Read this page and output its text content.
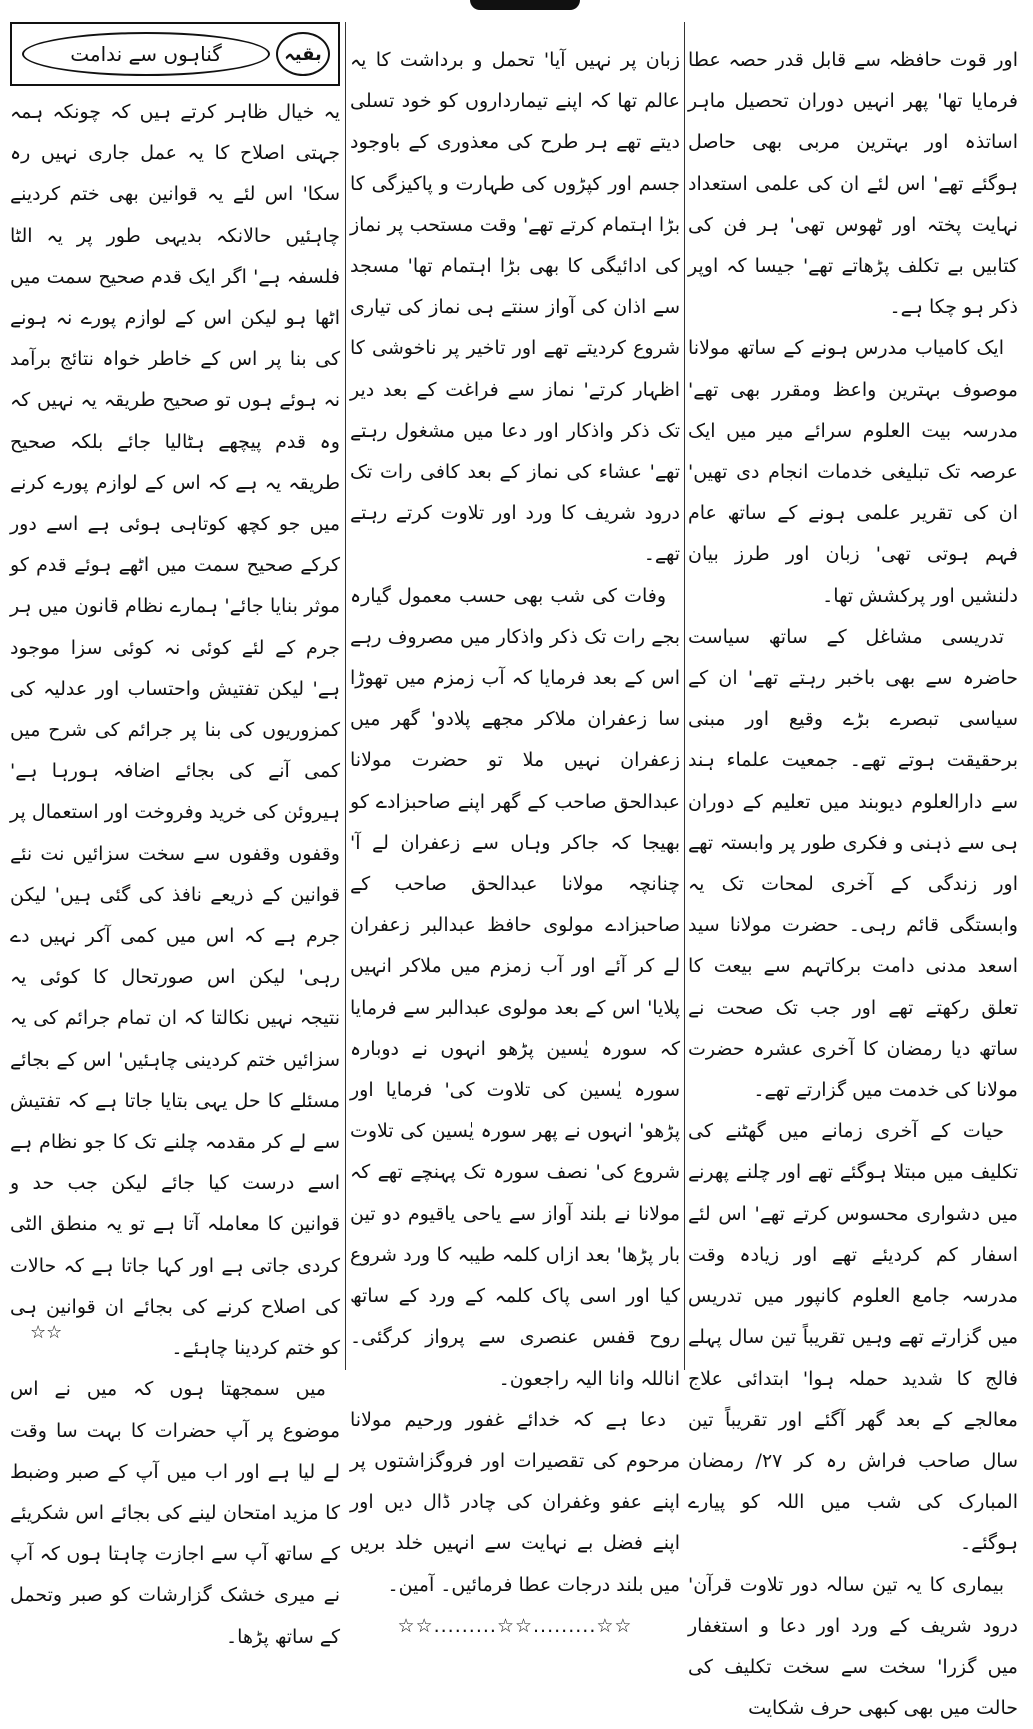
اور قوت حافظہ سے قابل قدر حصہ عطا فرمایا تھا' پھر انہیں دوران تحصیل ماہر اساتذہ اور بہترین مربی بھی حاصل ہوگئے تھے' اس لئے ان کی علمی استعداد نہایت پختہ اور ٹھوس تھی' ہر فن کی کتابیں بے تکلف پڑھاتے تھے' جیسا کہ اوپر ذکر ہو چکا ہے۔

ایک کامیاب مدرس ہونے کے ساتھ مولانا موصوف بہترین واعظ ومقرر بھی تھے' مدرسہ بیت العلوم سرائے میر میں ایک عرصہ تک تبلیغی خدمات انجام دی تھیں' ان کی تقریر علمی ہونے کے ساتھ عام فہم ہوتی تھی' زبان اور طرز بیان دلنشیں اور پرکشش تھا۔

تدریسی مشاغل کے ساتھ سیاست حاضرہ سے بھی باخبر رہتے تھے' ان کے سیاسی تبصرے بڑے وقیع اور مبنی برحقیقت ہوتے تھے۔ جمعیت علماء ہند سے دارالعلوم دیوبند میں تعلیم کے دوران ہی سے ذہنی و فکری طور پر وابستہ تھے اور زندگی کے آخری لمحات تک یہ وابستگی قائم رہی۔ حضرت مولانا سید اسعد مدنی دامت برکاتہم سے بیعت کا تعلق رکھتے تھے اور جب تک صحت نے ساتھ دیا رمضان کا آخری عشرہ حضرت مولانا کی خدمت میں گزارتے تھے۔

حیات کے آخری زمانے میں گھٹنے کی تکلیف میں مبتلا ہوگئے تھے اور چلنے پھرنے میں دشواری محسوس کرتے تھے' اس لئے اسفار کم کردیئے تھے اور زیادہ وقت مدرسہ جامع العلوم کانپور میں تدریس میں گزارتے تھے وہیں تقریباً تین سال پہلے فالج کا شدید حملہ ہوا' ابتدائی علاج معالجے کے بعد گھر آگئے اور تقریباً تین سال صاحب فراش رہ کر ۲۷/ رمضان المبارک کی شب میں اللہ کو پیارے ہوگئے۔

بیماری کا یہ تین سالہ دور تلاوت قرآن' درود شریف کے ورد اور دعا و استغفار میں گزرا' سخت سے سخت تکلیف کی حالت میں بھی کبھی حرف شکایت

زبان پر نہیں آیا' تحمل و برداشت کا یہ عالم تھا کہ اپنے تیمارداروں کو خود تسلی دیتے تھے ہر طرح کی معذوری کے باوجود جسم اور کپڑوں کی طہارت و پاکیزگی کا بڑا اہتمام کرتے تھے' وقت مستحب پر نماز کی ادائیگی کا بھی بڑا اہتمام تھا' مسجد سے اذان کی آواز سنتے ہی نماز کی تیاری شروع کردیتے تھے اور تاخیر پر ناخوشی کا اظہار کرتے' نماز سے فراغت کے بعد دیر تک ذکر واذکار اور دعا میں مشغول رہتے تھے' عشاء کی نماز کے بعد کافی رات تک درود شریف کا ورد اور تلاوت کرتے رہتے تھے۔

وفات کی شب بھی حسب معمول گیارہ بجے رات تک ذکر واذکار میں مصروف رہے اس کے بعد فرمایا کہ آب زمزم میں تھوڑا سا زعفران ملاکر مجھے پلادو' گھر میں زعفران نہیں ملا تو حضرت مولانا عبدالحق صاحب کے گھر اپنے صاحبزادے کو بھیجا کہ جاکر وہاں سے زعفران لے آ' چنانچہ مولانا عبدالحق صاحب کے صاحبزادے مولوی حافظ عبدالبر زعفران لے کر آئے اور آب زمزم میں ملاکر انہیں پلایا' اس کے بعد مولوی عبدالبر سے فرمایا کہ سورہ یٰسین پڑھو انہوں نے دوبارہ سورہ یٰسین کی تلاوت کی' فرمایا اور پڑھو' انہوں نے پھر سورہ یٰسین کی تلاوت شروع کی' نصف سورہ تک پہنچے تھے کہ مولانا نے بلند آواز سے یاحی یاقیوم دو تین بار پڑھا' بعد ازاں کلمہ طیبہ کا ورد شروع کیا اور اسی پاک کلمہ کے ورد کے ساتھ روح قفس عنصری سے پرواز کرگئی۔ اناللہ وانا الیہ راجعون۔

دعا ہے کہ خدائے غفور ورحیم مولانا مرحوم کی تقصیرات اور فروگزاشتوں پر اپنے عفو وغفران کی چادر ڈال دیں اور اپنے فضل بے نہایت سے انہیں خلد بریں میں بلند درجات عطا فرمائیں۔ آمین۔

☆☆.........☆☆.........☆☆
بقیہ
گناہوں سے ندامت

یہ خیال ظاہر کرتے ہیں کہ چونکہ ہمہ جہتی اصلاح کا یہ عمل جاری نہیں رہ سکا' اس لئے یہ قوانین بھی ختم کردینے چاہئیں حالانکہ بدیہی طور پر یہ الٹا فلسفہ ہے' اگر ایک قدم صحیح سمت میں اٹھا ہو لیکن اس کے لوازم پورے نہ ہونے کی بنا پر اس کے خاطر خواہ نتائج برآمد نہ ہوئے ہوں تو صحیح طریقہ یہ نہیں کہ وہ قدم پیچھے ہٹالیا جائے بلکہ صحیح طریقہ یہ ہے کہ اس کے لوازم پورے کرنے میں جو کچھ کوتاہی ہوئی ہے اسے دور کرکے صحیح سمت میں اٹھے ہوئے قدم کو موثر بنایا جائے' ہمارے نظام قانون میں ہر جرم کے لئے کوئی نہ کوئی سزا موجود ہے' لیکن تفتیش واحتساب اور عدلیہ کی کمزوریوں کی بنا پر جرائم کی شرح میں کمی آنے کی بجائے اضافہ ہورہا ہے' ہیروئن کی خرید وفروخت اور استعمال پر وقفوں وقفوں سے سخت سزائیں نت نئے قوانین کے ذریعے نافذ کی گئی ہیں' لیکن جرم ہے کہ اس میں کمی آکر نہیں دے رہی' لیکن اس صورتحال کا کوئی یہ نتیجہ نہیں نکالتا کہ ان تمام جرائم کی یہ سزائیں ختم کردینی چاہئیں' اس کے بجائے مسئلے کا حل یہی بتایا جاتا ہے کہ تفتیش سے لے کر مقدمہ چلنے تک کا جو نظام ہے اسے درست کیا جائے لیکن جب حد و قوانین کا معاملہ آتا ہے تو یہ منطق الٹی کردی جاتی ہے اور کہا جاتا ہے کہ حالات کی اصلاح کرنے کی بجائے ان قوانین ہی کو ختم کردینا چاہئے۔

میں سمجھتا ہوں کہ میں نے اس موضوع پر آپ حضرات کا بہت سا وقت لے لیا ہے اور اب میں آپ کے صبر وضبط کا مزید امتحان لینے کی بجائے اس شکریئے کے ساتھ آپ سے اجازت چاہتا ہوں کہ آپ نے میری خشک گزارشات کو صبر وتحمل کے ساتھ پڑھا۔

☆☆
